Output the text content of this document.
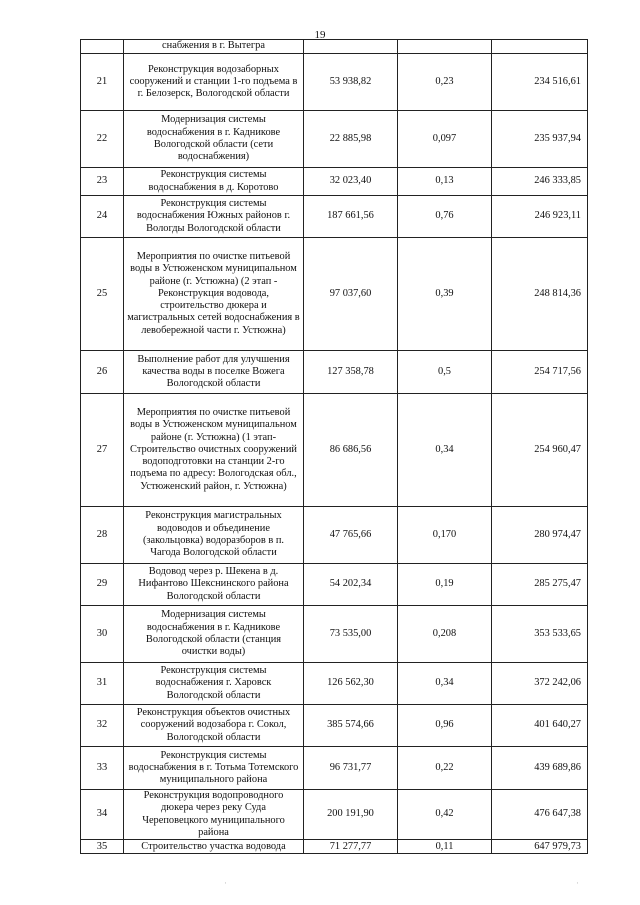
19
	снабжения в г. Вытегра			
21	Реконструкция водозаборных сооружений и станции 1-го подъема в г. Белозерск, Вологодской области	53 938,82	0,23	234 516,61
22	Модернизация системы водоснабжения в г. Кадникове Вологодской области (сети водоснабжения)	22 885,98	0,097	235 937,94
23	Реконструкция системы водоснабжения в д. Коротово	32 023,40	0,13	246 333,85
24	Реконструкция системы водоснабжения Южных районов г. Вологды Вологодской области	187 661,56	0,76	246 923,11
25	Мероприятия по очистке питьевой воды в Устюженском муниципальном районе (г. Устюжна) (2 этап - Реконструкция водовода, строительство дюкера и магистральных сетей водоснабжения в левобережной части г. Устюжна)	97 037,60	0,39	248 814,36
26	Выполнение работ для улучшения качества воды в поселке Вожега Вологодской области	127 358,78	0,5	254 717,56
27	Мероприятия по очистке питьевой воды в Устюженском муниципальном районе (г. Устюжна) (1 этап-Строительство очистных сооружений водоподготовки на станции 2-го подъема по адресу: Вологодская обл., Устюженский район, г. Устюжна)	86 686,56	0,34	254 960,47
28	Реконструкция магистральных водоводов и объединение (закольцовка) водоразборов в п. Чагода Вологодской области	47 765,66	0,170	280 974,47
29	Водовод через р. Шекена в д. Нифантово Шекснинского района Вологодской области	54 202,34	0,19	285 275,47
30	Модернизация системы водоснабжения в г. Кадникове Вологодской области (станция очистки воды)	73 535,00	0,208	353 533,65
31	Реконструкция системы водоснабжения г. Харовск Вологодской области	126 562,30	0,34	372 242,06
32	Реконструкция объектов очистных сооружений водозабора г. Сокол, Вологодской области	385 574,66	0,96	401 640,27
33	Реконструкция системы водоснабжения в г. Тотьма Тотемского муниципального района	96 731,77	0,22	439 689,86
34	Реконструкция водопроводного дюкера через реку Суда Череповецкого муниципального района	200 191,90	0,42	476 647,38
35	Строительство участка водовода	71 277,77	0,11	647 979,73
·	·
